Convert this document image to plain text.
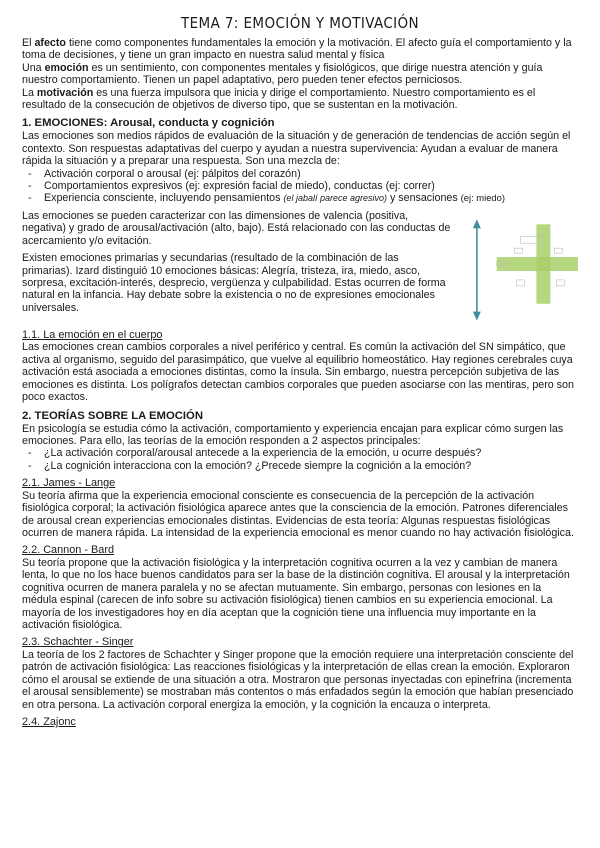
TEMA 7: EMOCIÓN Y MOTIVACIÓN

El afecto tiene como componentes fundamentales la emoción y la motivación. El afecto guía el comportamiento y la toma de decisiones, y tiene un gran impacto en nuestra salud mental y física

Una emoción es un sentimiento, con componentes mentales y fisiológicos, que dirige nuestra atención y guía nuestro comportamiento. Tienen un papel adaptativo, pero pueden tener efectos perniciosos.

La motivación es una fuerza impulsora que inicia y dirige el comportamiento. Nuestro comportamiento es el resultado de la consecución de objetivos de diverso tipo, que se sustentan en la motivación.

1. EMOCIONES: Arousal, conducta y cognición

Las emociones son medios rápidos de evaluación de la situación y de generación de tendencias de acción según el contexto. Son respuestas adaptativas del cuerpo y ayudan a nuestra supervivencia: Ayudan a evaluar de manera rápida la situación y a preparar una respuesta. Son una mezcla de:

- Activación corporal o arousal (ej: pálpitos del corazón)
- Comportamientos expresivos (ej: expresión facial de miedo), conductas (ej: correr)
- Experiencia consciente, incluyendo pensamientos (el jabalí parece agresivo) y sensaciones (ej: miedo)

Las emociones se pueden caracterizar con las dimensiones de valencia (positiva, negativa) y grado de arousal/activación (alto, bajo). Está relacionado con las conductas de acercamiento y/o evitación.

Existen emociones primarias y secundarias (resultado de la combinación de las primarias). Izard distinguió 10 emociones básicas: Alegría, tristeza, ira, miedo, asco, sorpresa, excitación-interés, desprecio, vergüenza y culpabilidad. Estas ocurren de forma natural en la infancia. Hay debate sobre la existencia o no de expresiones emocionales universales.

1.1. La emoción en el cuerpo

Las emociones crean cambios corporales a nivel periférico y central. Es común la activación del SN simpático, que activa al organismo, seguido del parasimpático, que vuelve al equilibrio homeostático. Hay regiones cerebrales cuya activación está asociada a emociones distintas, como la ínsula. Sin embargo, nuestra percepción subjetiva de las emociones es distinta. Los polígrafos detectan cambios corporales que pueden asociarse con las mentiras, pero son poco exactos.

2. TEORÍAS SOBRE LA EMOCIÓN

En psicología se estudia cómo la activación, comportamiento y experiencia encajan para explicar cómo surgen las emociones. Para ello, las teorías de la emoción responden a 2 aspectos principales:

- ¿La activación corporal/arousal antecede a la experiencia de la emoción, u ocurre después?
- ¿La cognición interacciona con la emoción? ¿Precede siempre la cognición a la emoción?
2.1. James - Lange

Su teoría afirma que la experiencia emocional consciente es consecuencia de la percepción de la activación fisiológica corporal; la activación fisiológica aparece antes que la consciencia de la emoción. Patrones diferenciales de arousal crean experiencias emocionales distintas. Evidencias de esta teoría: Algunas respuestas fisiológicas ocurren de manera rápida. La intensidad de la experiencia emocional es menor cuando no hay activación fisiológica.

2.2. Cannon - Bard

Su teoría propone que la activación fisiológica y la interpretación cognitiva ocurren a la vez y cambian de manera lenta, lo que no los hace buenos candidatos para ser la base de la distinción cognitiva. El arousal y la interpretación cognitiva ocurren de manera paralela y no se afectan mutuamente. Sin embargo, personas con lesiones en la médula espinal (carecen de info sobre su activación fisiológica) tienen cambios en su experiencia emocional. La mayoría de los investigadores hoy en día aceptan que la cognición tiene una influencia muy importante en la activación fisiológica.

2.3. Schachter - Singer

La teoría de los 2 factores de Schachter y Singer propone que la emoción requiere una interpretación consciente del patrón de activación fisiológica: Las reacciones fisiológicas y la interpretación de ellas crean la emoción. Exploraron cómo el arousal se extiende de una situación a otra. Mostraron que personas inyectadas con epinefrina (incrementa el arousal sensiblemente) se mostraban más contentos o más enfadados según la emoción que habían presenciado en otra persona. La activación corporal energiza la emoción, y la cognición la encauza o interpreta.

2.4. Zajonc
